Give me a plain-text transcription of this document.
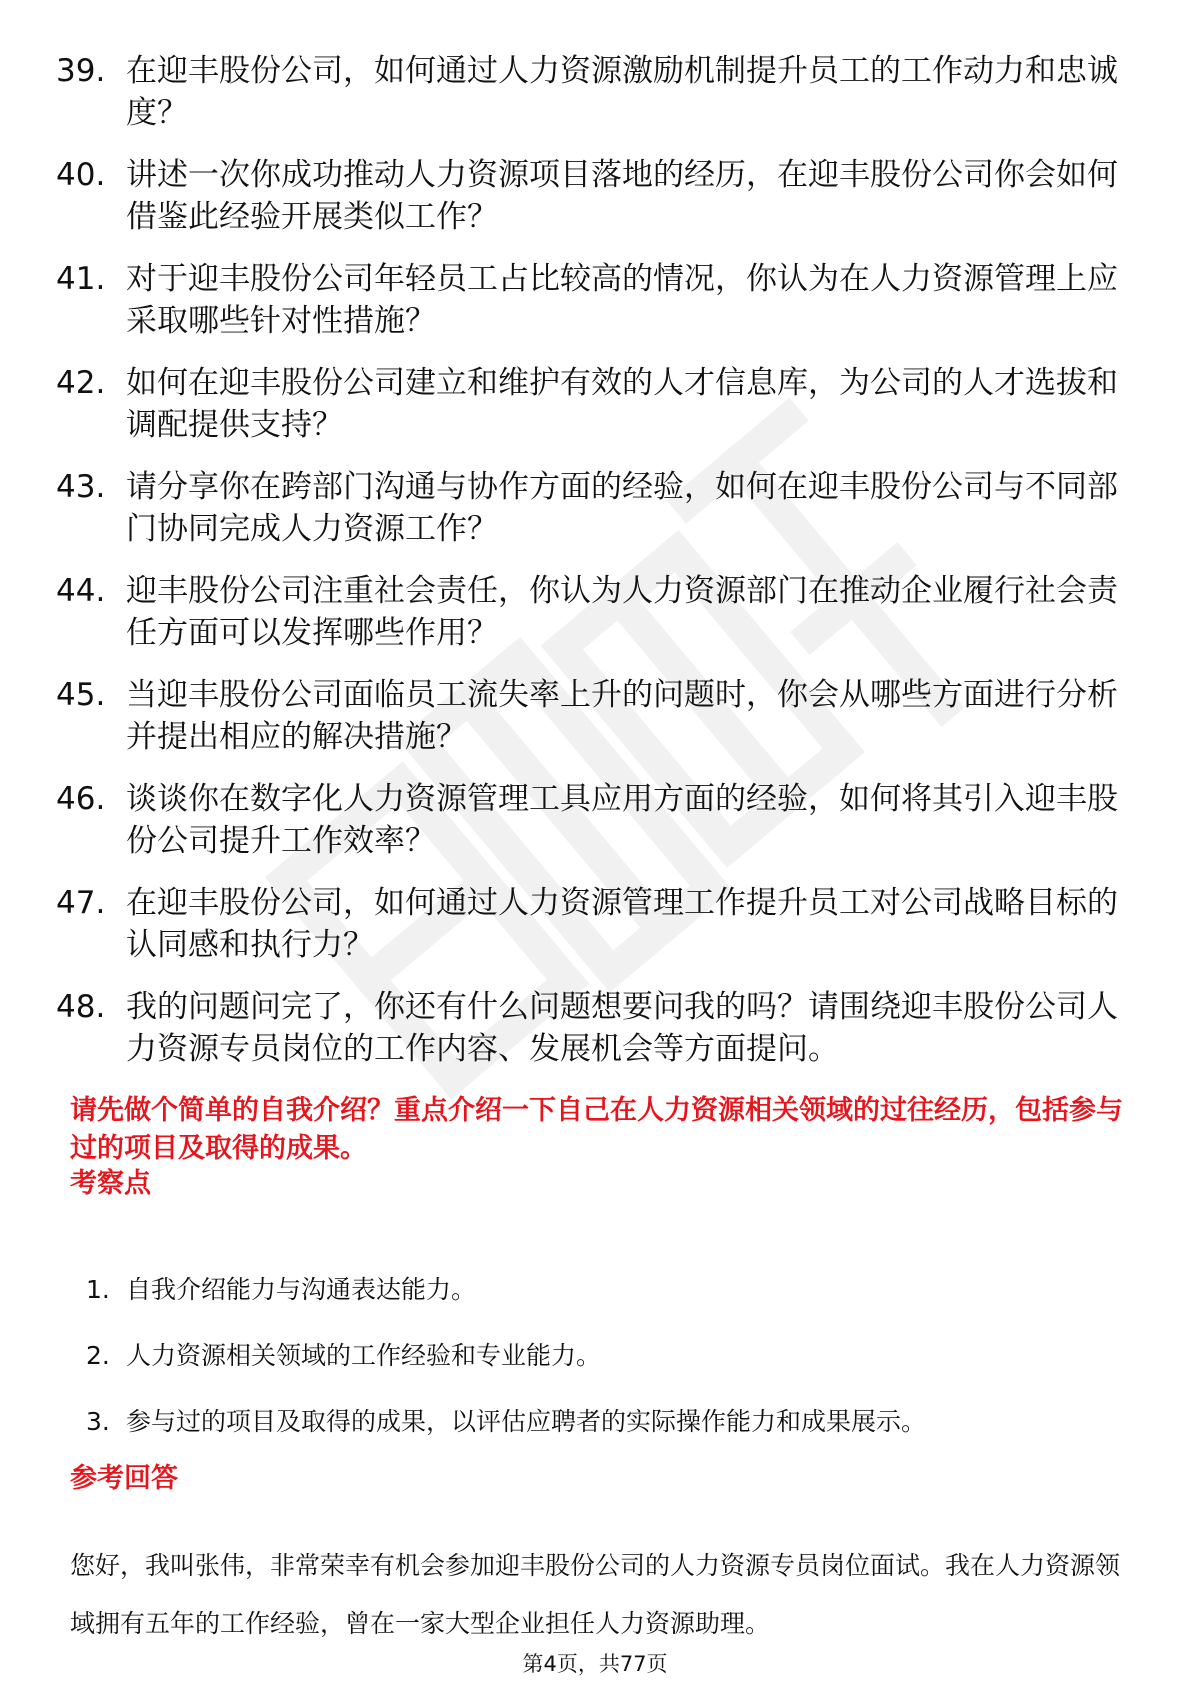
39. 在迎丰股份公司，如何通过人力资源激励机制提升员工的工作动力和忠诚度？
40. 讲述一次你成功推动人力资源项目落地的经历，在迎丰股份公司你会如何借鉴此经验开展类似工作？
41. 对于迎丰股份公司年轻员工占比较高的情况，你认为在人力资源管理上应采取哪些针对性措施？
42. 如何在迎丰股份公司建立和维护有效的人才信息库，为公司的人才选拔和调配提供支持？
43. 请分享你在跨部门沟通与协作方面的经验，如何在迎丰股份公司与不同部门协同完成人力资源工作？
44. 迎丰股份公司注重社会责任，你认为人力资源部门在推动企业履行社会责任方面可以发挥哪些作用？
45. 当迎丰股份公司面临员工流失率上升的问题时，你会从哪些方面进行分析并提出相应的解决措施？
46. 谈谈你在数字化人力资源管理工具应用方面的经验，如何将其引入迎丰股份公司提升工作效率？
47. 在迎丰股份公司，如何通过人力资源管理工作提升员工对公司战略目标的认同感和执行力？
48. 我的问题问完了，你还有什么问题想要问我的吗？请围绕迎丰股份公司人力资源专员岗位的工作内容、发展机会等方面提问。
请先做个简单的自我介绍？重点介绍一下自己在人力资源相关领域的过往经历，包括参与过的项目及取得的成果。
考察点
1. 自我介绍能力与沟通表达能力。
2. 人力资源相关领域的工作经验和专业能力。
3. 参与过的项目及取得的成果，以评估应聘者的实际操作能力和成果展示。
参考回答
您好，我叫张伟，非常荣幸有机会参加迎丰股份公司的人力资源专员岗位面试。我在人力资源领域拥有五年的工作经验，曾在一家大型企业担任人力资源助理。
第4页，共77页
